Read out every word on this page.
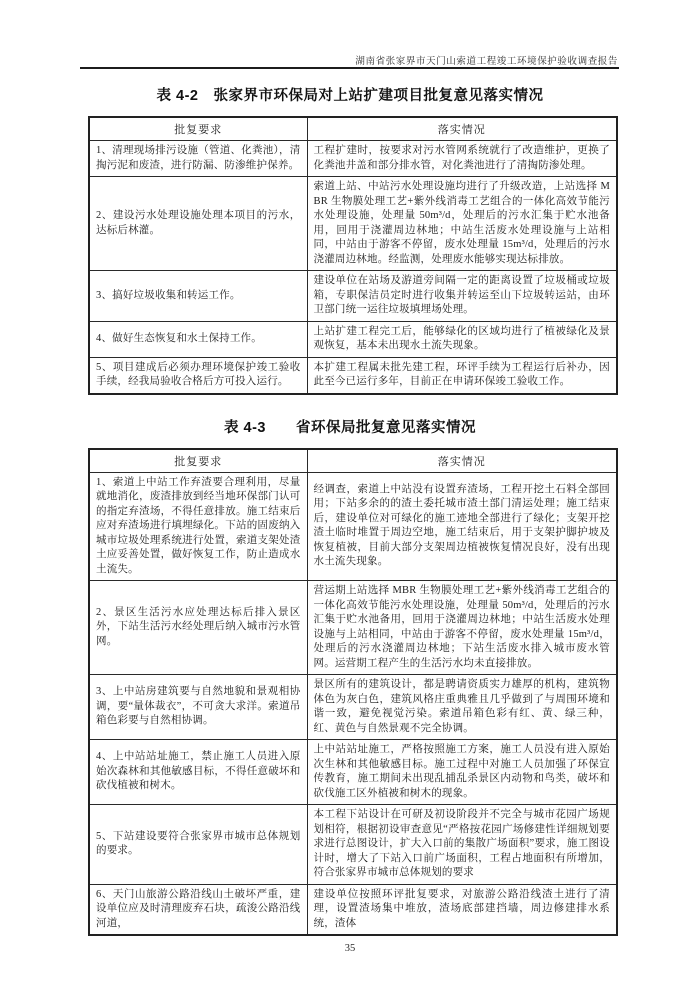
湖南省张家界市天门山索道工程竣工环境保护验收调查报告
表 4-2　张家界市环保局对上站扩建项目批复意见落实情况
批复要求	落实情况
1、清理现场排污设施（管道、化粪池），清掏污泥和废渣，进行防漏、防渗维护保养。	工程扩建时，按要求对污水管网系统就行了改造维护，更换了化粪池井盖和部分排水管，对化粪池进行了清掏防渗处理。
2、建设污水处理设施处理本项目的污水，达标后林灌。	索道上站、中站污水处理设施均进行了升级改造，上站选择 MBR 生物膜处理工艺+紫外线消毒工艺组合的一体化高效节能污水处理设施，处理量 50m³/d，处理后的污水汇集于贮水池备用，回用于浇灌周边林地；中站生活废水处理设施与上站相同，中站由于游客不停留，废水处理量 15m³/d，处理后的污水浇灌周边林地。经监测，处理废水能够实现达标排放。
3、搞好垃圾收集和转运工作。	建设单位在站场及游道旁间隔一定的距离设置了垃圾桶或垃圾箱，专职保洁员定时进行收集并转运至山下垃圾转运站，由环卫部门统一运往垃圾填埋场处理。
4、做好生态恢复和水土保持工作。	上站扩建工程完工后，能够绿化的区域均进行了植被绿化及景观恢复，基本未出现水土流失现象。
5、项目建成后必须办理环境保护竣工验收手续，经我局验收合格后方可投入运行。	本扩建工程属未批先建工程，环评手续为工程运行后补办，因此至今已运行多年，目前正在申请环保竣工验收工作。
表 4-3　　省环保局批复意见落实情况
批复要求	落实情况
1、索道上中站工作弃渣要合理利用，尽量就地消化，废渣排放到经当地环保部门认可的指定弃渣场，不得任意排放。施工结束后应对弃渣场进行填埋绿化。下站的固废纳入城市垃圾处理系统进行处置，索道支架处渣土应妥善处置，做好恢复工作，防止造成水土流失。	经调查，索道上中站没有设置弃渣场，工程开挖土石料全部回用；下站多余的的渣土委托城市渣土部门清运处理；施工结束后，建设单位对可绿化的施工迹地全部进行了绿化；支架开挖渣土临时堆置于周边空地，施工结束后，用于支架护脚护坡及恢复植被，目前大部分支架周边植被恢复情况良好，没有出现水土流失现象。
2、景区生活污水应处理达标后排入景区外，下站生活污水经处理后纳入城市污水管网。	营运期上站选择 MBR 生物膜处理工艺+紫外线消毒工艺组合的一体化高效节能污水处理设施，处理量 50m³/d，处理后的污水汇集于贮水池备用，回用于浇灌周边林地；中站生活废水处理设施与上站相同，中站由于游客不停留，废水处理量 15m³/d，处理后的污水浇灌周边林地；下站生活废水排入城市废水管网。运营期工程产生的生活污水均未直接排放。
3、上中站房建筑要与自然地貌和景观相协调，要“量体裁衣”，不可贪大求洋。索道吊箱色彩要与自然相协调。	景区所有的建筑设计，都是聘请资质实力雄厚的机构，建筑物体色为灰白色，建筑风格庄重典雅且几乎做到了与周围环境和谐一致，避免视觉污染。索道吊箱色彩有红、黄、绿三种，红、黄色与自然景观不完全协调。
4、上中站站址施工，禁止施工人员进入原始次森林和其他敏感目标，不得任意破坏和砍伐植被和树木。	上中站站址施工，严格按照施工方案，施工人员没有进入原始次生林和其他敏感目标。施工过程中对施工人员加强了环保宣传教育，施工期间未出现乱捕乱杀景区内动物和鸟类，破坏和砍伐施工区外植被和树木的现象。
5、下站建设要符合张家界市城市总体规划的要求。	本工程下站设计在可研及初设阶段并不完全与城市花园广场规划相符，根据初设审查意见“严格按花园广场修建性详细规划要求进行总图设计，扩大入口前的集散广场面积”要求，施工图设计时，增大了下站入口前广场面积，工程占地面积有所增加，符合张家界市城市总体规划的要求
6、天门山旅游公路沿线山土破坏严重，建设单位应及时清理废弃石块，疏浚公路沿线河道，	建设单位按照环评批复要求，对旅游公路沿线渣土进行了清理，设置渣场集中堆放，渣场底部建挡墙，周边修建排水系统，渣体
35
